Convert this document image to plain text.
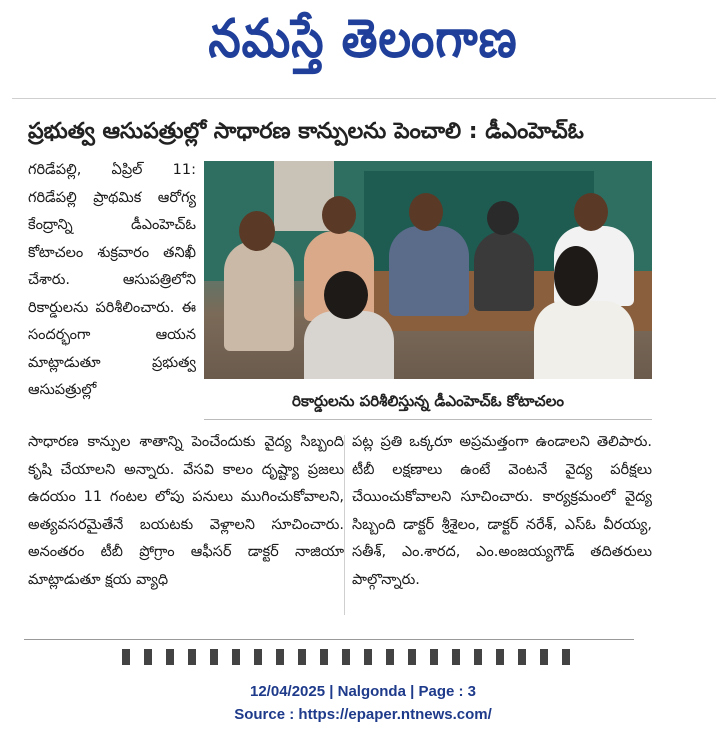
నమస్తే తెలంగాణ
ప్రభుత్వ ఆసుపత్రుల్లో సాధారణ కాన్పులను పెంచాలి : డీఎంహెచ్ఓ

గరిడేపల్లి, ఏప్రిల్ 11: గరిడేపల్లి ప్రాథమిక ఆరోగ్య కేంద్రాన్ని డీఎంహెచ్ఓ కోటాచలం శుక్రవారం తనిఖీ చేశారు. ఆసుపత్రిలోని రికార్డులను పరిశీలించారు. ఈ సందర్భంగా ఆయన మాట్లాడుతూ ప్రభుత్వ ఆసుపత్రుల్లో

రికార్డులను పరిశీలిస్తున్న డీఎంహెచ్ఓ కోటాచలం

సాధారణ కాన్పుల శాతాన్ని పెంచేందుకు వైద్య సిబ్బంది కృషి చేయాలని అన్నారు. వేసవి కాలం దృష్ట్యా ప్రజలు ఉదయం 11 గంటల లోపు పనులు ముగించుకోవాలని, అత్యవసరమైతేనే బయటకు వెళ్లాలని సూచించారు. అనంతరం టీబీ ప్రోగ్రాం ఆఫీసర్ డాక్టర్ నాజియా మాట్లాడుతూ క్షయ వ్యాధి

పట్ల ప్రతి ఒక్కరూ అప్రమత్తంగా ఉండాలని తెలిపారు. టీబీ లక్షణాలు ఉంటే వెంటనే వైద్య పరీక్షలు చేయించుకోవాలని సూచించారు. కార్యక్రమంలో వైద్య సిబ్బంది డాక్టర్ శ్రీశైలం, డాక్టర్ నరేశ్, ఎస్ఓ వీరయ్య, సతీశ్, ఎం.శారద, ఎం.అంజయ్యగౌడ్ తదితరులు పాల్గొన్నారు.

12/04/2025 | Nalgonda | Page : 3
Source : https://epaper.ntnews.com/
